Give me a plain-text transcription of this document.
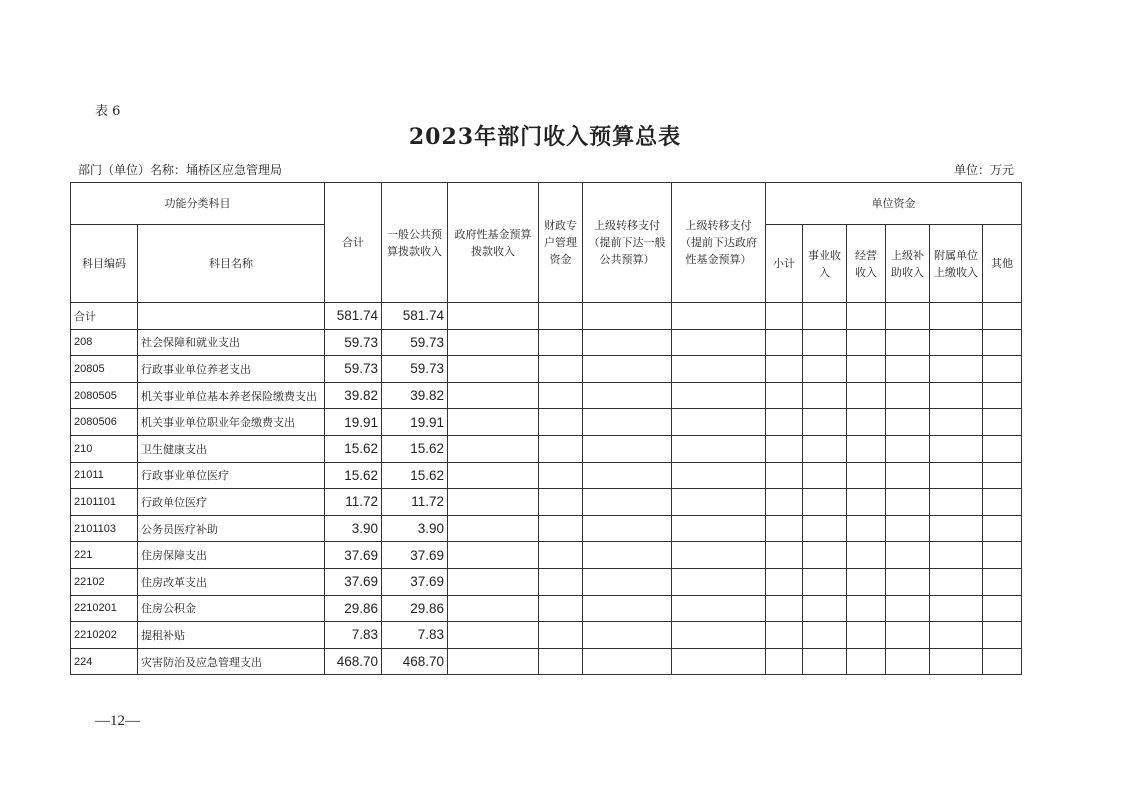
表 6
2023年部门收入预算总表
部门（单位）名称：埇桥区应急管理局	单位：万元
功能分类科目		合计	一般公共预算拨款收入	政府性基金预算拨款收入	财政专户管理资金	上级转移支付（提前下达一般公共预算）	上级转移支付（提前下达政府性基金预算）	单位资金					
科目编码	科目名称							小计	事业收入	经营收入	上级补助收入	附属单位上缴收入	其他
合计		581.74	581.74										
208	社会保障和就业支出	59.73	59.73										
20805	行政事业单位养老支出	59.73	59.73										
2080505	机关事业单位基本养老保险缴费支出	39.82	39.82										
2080506	机关事业单位职业年金缴费支出	19.91	19.91										
210	卫生健康支出	15.62	15.62										
21011	行政事业单位医疗	15.62	15.62										
2101101	行政单位医疗	11.72	11.72										
2101103	公务员医疗补助	3.90	3.90										
221	住房保障支出	37.69	37.69										
22102	住房改革支出	37.69	37.69										
2210201	住房公积金	29.86	29.86										
2210202	提租补贴	7.83	7.83										
224	灾害防治及应急管理支出	468.70	468.70										
—12—
